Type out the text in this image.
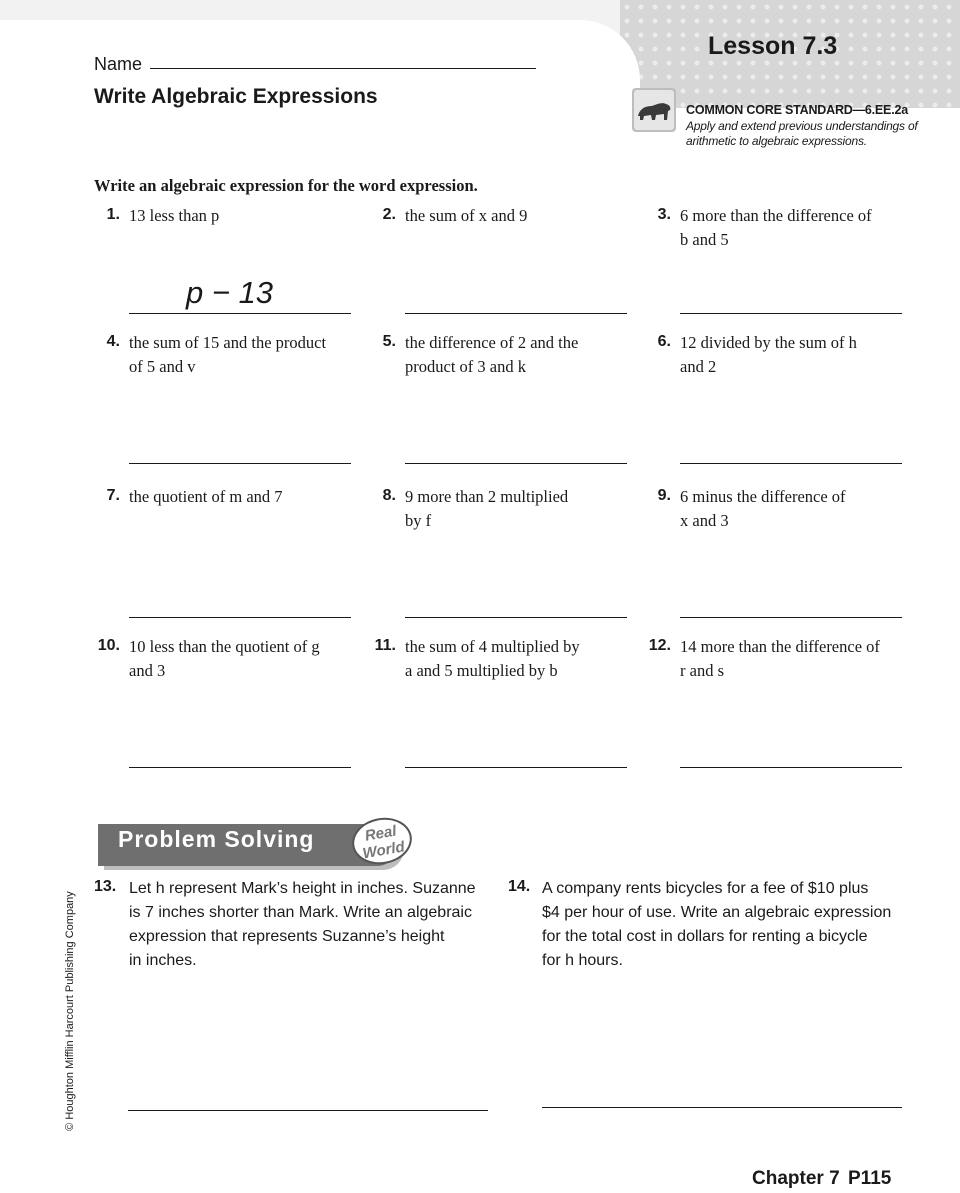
Name
Write Algebraic Expressions
Lesson 7.3
COMMON CORE STANDARD—6.EE.2a
Apply and extend previous understandings of
arithmetic to algebraic expressions.
Write an algebraic expression for the word expression.
1. 13 less than p
p − 13
2. the sum of x and 9	3. 6 more than the difference of
b and 5
4. the sum of 15 and the product
of 5 and v
5. the difference of 2 and the
product of 3 and k
6. 12 divided by the sum of h
and 2
7. the quotient of m and 7	8. 9 more than 2 multiplied
by f
9. 6 minus the difference of
x and 3
10. 10 less than the quotient of g
and 3
11. the sum of 4 multiplied by
a and 5 multiplied by b
12. 14 more than the difference of
r and s
Problem Solving	Real
World
13. Let h represent Mark’s height in inches. Suzanne
is 7 inches shorter than Mark. Write an algebraic
expression that represents Suzanne’s height
in inches.
14. A company rents bicycles for a fee of $10 plus
$4 per hour of use. Write an algebraic expression
for the total cost in dollars for renting a bicycle
for h hours.
© Houghton Mifflin Harcourt Publishing Company
Chapter 7 P115
